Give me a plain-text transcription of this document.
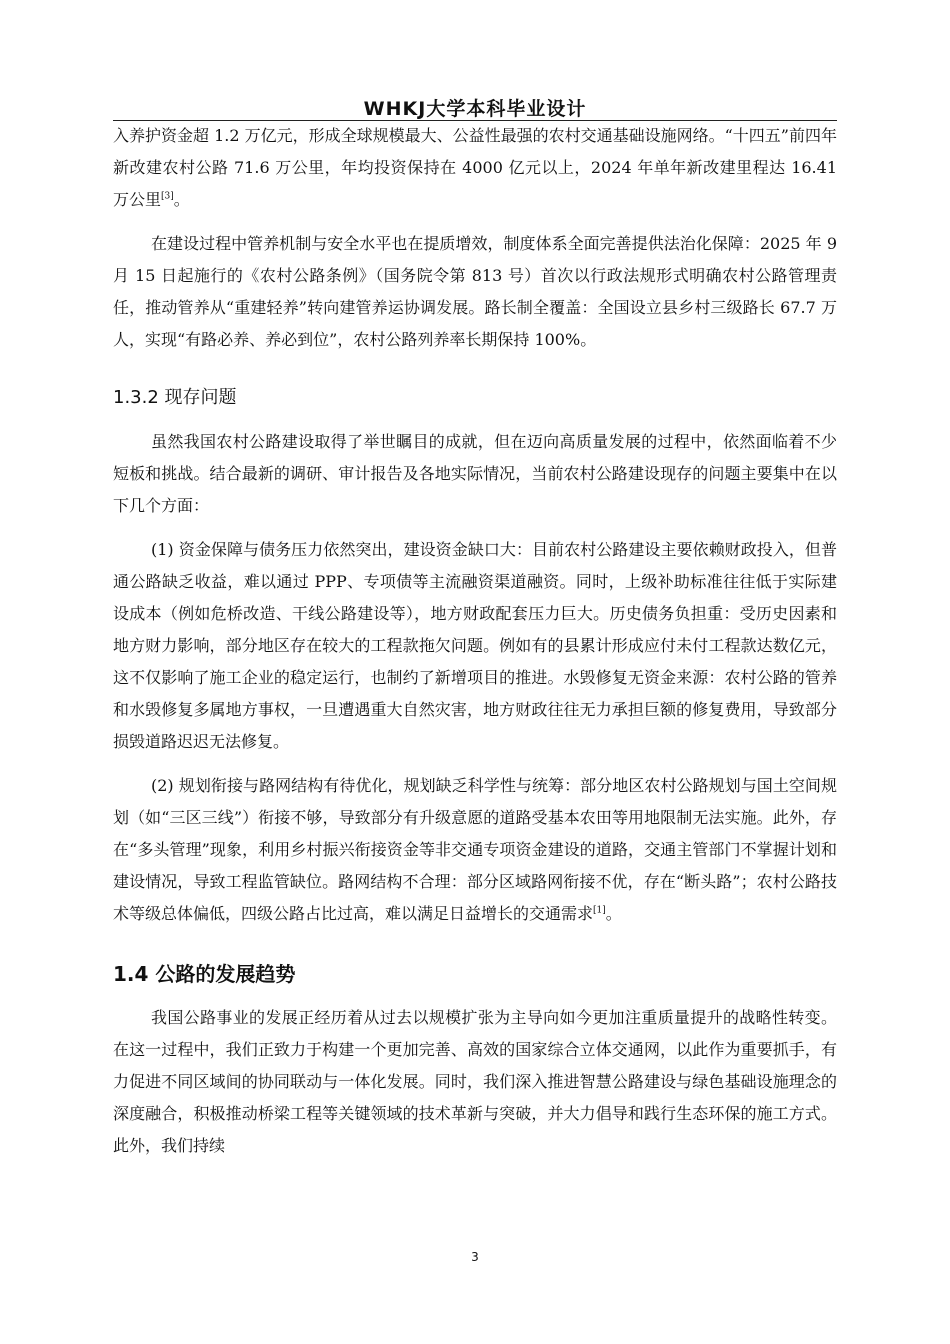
WHKJ大学本科毕业设计

入养护资金超 1.2 万亿元，形成全球规模最大、公益性最强的农村交通基础设施网络。“十四五”前四年新改建农村公路 71.6 万公里，年均投资保持在 4000 亿元以上，2024 年单年新改建里程达 16.41 万公里[3]。

在建设过程中管养机制与安全水平也在提质增效，制度体系全面完善提供法治化保障：2025 年 9 月 15 日起施行的《农村公路条例》（国务院令第 813 号）首次以行政法规形式明确农村公路管理责任，推动管养从“重建轻养”转向建管养运协调发展。路长制全覆盖：全国设立县乡村三级路长 67.7 万人，实现“有路必养、养必到位”，农村公路列养率长期保持 100%。

1.3.2 现存问题

虽然我国农村公路建设取得了举世瞩目的成就，但在迈向高质量发展的过程中，依然面临着不少短板和挑战。结合最新的调研、审计报告及各地实际情况，当前农村公路建设现存的问题主要集中在以下几个方面：

(1) 资金保障与债务压力依然突出，建设资金缺口大：目前农村公路建设主要依赖财政投入，但普通公路缺乏收益，难以通过 PPP、专项债等主流融资渠道融资。同时，上级补助标准往往低于实际建设成本（例如危桥改造、干线公路建设等），地方财政配套压力巨大。历史债务负担重：受历史因素和地方财力影响，部分地区存在较大的工程款拖欠问题。例如有的县累计形成应付未付工程款达数亿元，这不仅影响了施工企业的稳定运行，也制约了新增项目的推进。水毁修复无资金来源：农村公路的管养和水毁修复多属地方事权，一旦遭遇重大自然灾害，地方财政往往无力承担巨额的修复费用，导致部分损毁道路迟迟无法修复。

(2) 规划衔接与路网结构有待优化，规划缺乏科学性与统筹：部分地区农村公路规划与国土空间规划（如“三区三线”）衔接不够，导致部分有升级意愿的道路受基本农田等用地限制无法实施。此外，存在“多头管理”现象，利用乡村振兴衔接资金等非交通专项资金建设的道路，交通主管部门不掌握计划和建设情况，导致工程监管缺位。路网结构不合理：部分区域路网衔接不优，存在“断头路”；农村公路技术等级总体偏低，四级公路占比过高，难以满足日益增长的交通需求[1]。

1.4 公路的发展趋势

我国公路事业的发展正经历着从过去以规模扩张为主导向如今更加注重质量提升的战略性转变。在这一过程中，我们正致力于构建一个更加完善、高效的国家综合立体交通网，以此作为重要抓手，有力促进不同区域间的协同联动与一体化发展。同时，我们深入推进智慧公路建设与绿色基础设施理念的深度融合，积极推动桥梁工程等关键领域的技术革新与突破，并大力倡导和践行生态环保的施工方式。此外，我们持续

3
